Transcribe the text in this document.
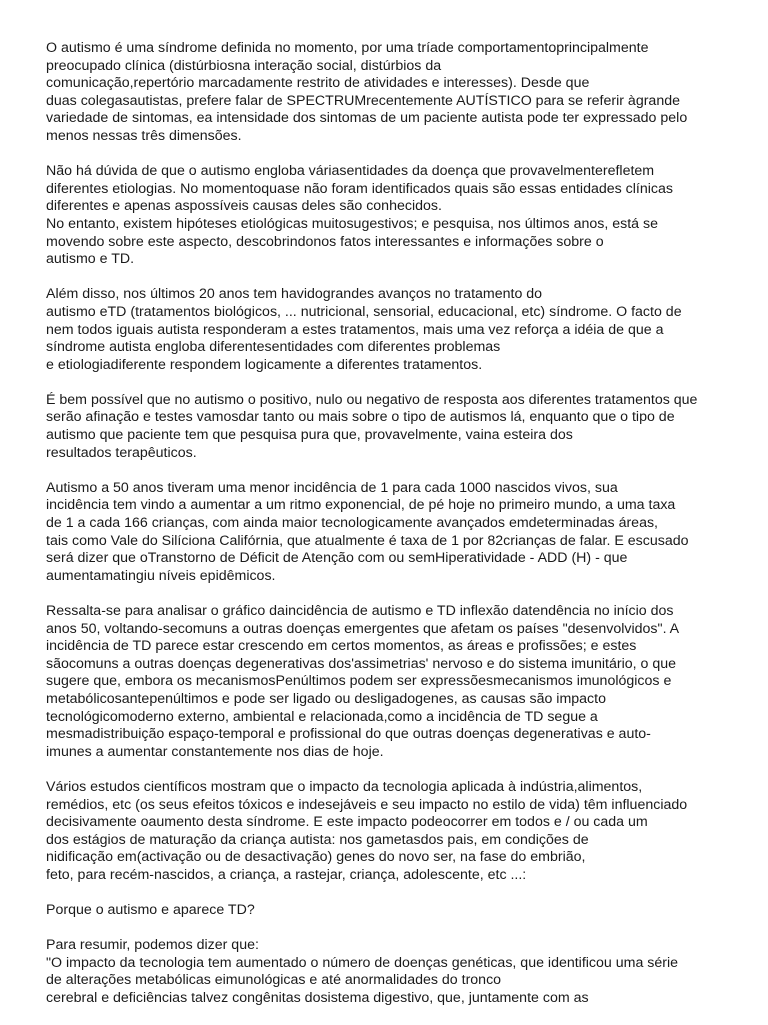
O autismo é uma síndrome definida no momento, por uma tríade comportamentoprincipalmente
preocupado clínica (distúrbiosna interação social, distúrbios da
comunicação,repertório marcadamente restrito de atividades e interesses). Desde que
duas colegasautistas, prefere falar de SPECTRUMrecentemente AUTÍSTICO para se referir àgrande
variedade de sintomas, ea intensidade dos sintomas de um paciente autista pode ter expressado pelo
menos nessas três dimensões.

Não há dúvida de que o autismo engloba váriasentidades da doença que provavelmenterefletem
diferentes etiologias. No momentoquase não foram identificados quais são essas entidades clínicas
diferentes e apenas aspossíveis causas deles são conhecidos.
No entanto, existem hipóteses etiológicas muitosugestivos; e pesquisa, nos últimos anos, está se
movendo sobre este aspecto, descobrindonos fatos interessantes e informações sobre o
autismo e TD.

Além disso, nos últimos 20 anos tem havidograndes avanços no tratamento do
autismo eTD (tratamentos biológicos, ... nutricional, sensorial, educacional, etc) síndrome. O facto de
nem todos iguais autista responderam a estes tratamentos, mais uma vez reforça a idéia de que a
síndrome autista engloba diferentesentidades com diferentes problemas
e etiologiadiferente respondem logicamente a diferentes tratamentos.

É bem possível que no autismo o positivo, nulo ou negativo de resposta aos diferentes tratamentos que
serão afinação e testes vamosdar tanto ou mais sobre o tipo de autismos lá, enquanto que o tipo de
autismo que paciente tem que pesquisa pura que, provavelmente, vaina esteira dos
resultados terapêuticos.

Autismo a 50 anos tiveram uma menor incidência de 1 para cada 1000 nascidos vivos, sua
incidência tem vindo a aumentar a um ritmo exponencial, de pé hoje no primeiro mundo, a uma taxa
de 1 a cada 166 crianças, com ainda maior tecnologicamente avançados emdeterminadas áreas,
tais como Vale do Silíciona Califórnia, que atualmente é taxa de 1 por 82crianças de falar. E escusado
será dizer que oTranstorno de Déficit de Atenção com ou semHiperatividade - ADD (H) - que
aumentamatingiu níveis epidêmicos.

Ressalta-se para analisar o gráfico daincidência de autismo e TD inflexão datendência no início dos
anos 50, voltando-secomuns a outras doenças emergentes que afetam os países "desenvolvidos". A
incidência de TD parece estar crescendo em certos momentos, as áreas e profissões; e estes
sãocomuns a outras doenças degenerativas dos'assimetrias' nervoso e do sistema imunitário, o que
sugere que, embora os mecanismosPenúltimos podem ser expressõesmecanismos imunológicos e
metabólicosantepenúltimos e pode ser ligado ou desligadogenes, as causas são impacto
tecnológicomoderno externo, ambiental e relacionada,como a incidência de TD segue a
mesmadistribuição espaço-temporal e profissional do que outras doenças degenerativas e auto-
imunes a aumentar constantemente nos dias de hoje.

Vários estudos científicos mostram que o impacto da tecnologia aplicada à indústria,alimentos,
remédios, etc (os seus efeitos tóxicos e indesejáveis e seu impacto no estilo de vida) têm influenciado
decisivamente oaumento desta síndrome. E este impacto podeocorrer em todos e / ou cada um
dos estágios de maturação da criança autista: nos gametasdos pais, em condições de
nidificação em(activação ou de desactivação) genes do novo ser, na fase do embrião,
feto, para recém-nascidos, a criança, a rastejar, criança, adolescente, etc ...:

Porque o autismo e aparece TD?

Para resumir, podemos dizer que:
"O impacto da tecnologia tem aumentado o número de doenças genéticas, que identificou uma série
de alterações metabólicas eimunológicas e até anormalidades do tronco
cerebral e deficiências talvez congênitas dosistema digestivo, que, juntamente com as
